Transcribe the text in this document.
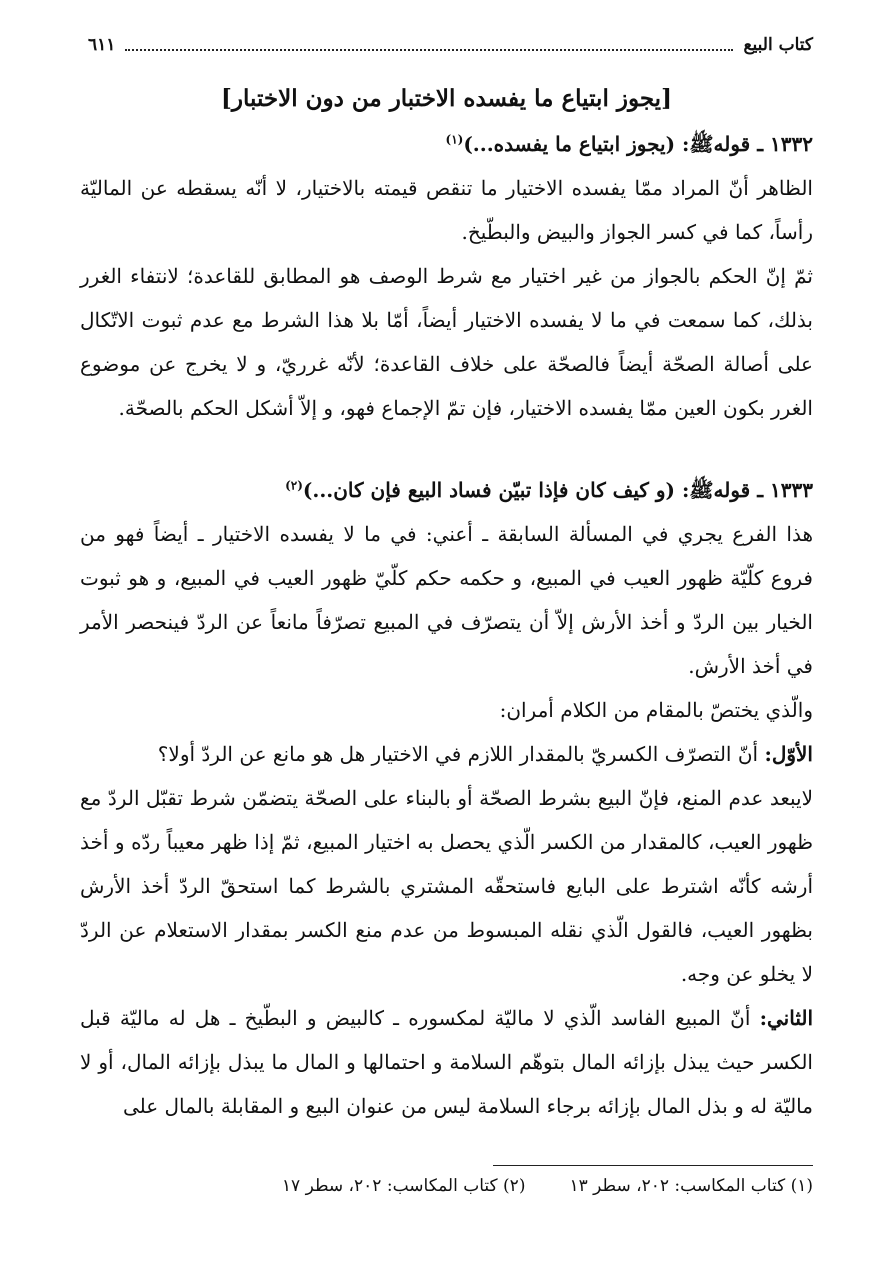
كتاب البيع
٦١١

[يجوز ابتياع ما يفسده الاختبار من دون الاختبار]

١٣٣٢ ـ قوله‌ﷺ: (يجوز ابتياع ما يفسده...)$^{(١)}$

الظاهر أنّ المراد ممّا يفسده الاختيار ما تنقص قيمته بالاختيار، لا أنّه يسقطه عن الماليّة رأساً، كما في كسر الجواز والبيض والبطّيخ.

ثمّ إنّ الحكم بالجواز من غير اختيار مع شرط الوصف هو المطابق للقاعدة؛ لانتفاء الغرر بذلك، كما سمعت في ما لا يفسده الاختيار أيضاً، أمّا بلا هذا الشرط مع عدم ثبوت الاتّكال على أصالة الصحّة أيضاً فالصحّة على خلاف القاعدة؛ لأنّه غرريّ، و لا يخرج عن موضوع الغرر بكون العين ممّا يفسده الاختيار، فإن تمّ الإجماع فهو، و إلاّ أشكل الحكم بالصحّة.

١٣٣٣ ـ قوله‌ﷺ: (و كيف كان فإذا تبيّن فساد البيع فإن كان...)$^{(٢)}$

هذا الفرع يجري في المسألة السابقة ـ أعني: في ما لا يفسده الاختيار ـ أيضاً فهو من فروع كلّيّة ظهور العيب في المبيع، و حكمه حكم كلّيّ ظهور العيب في المبيع، و هو ثبوت الخيار بين الردّ و أخذ الأرش إلاّ أن يتصرّف في المبيع تصرّفاً مانعاً عن الردّ فينحصر الأمر في أخذ الأرش.

والّذي يختصّ بالمقام من الكلام أمران:

الأوّل: أنّ التصرّف الكسريّ بالمقدار اللازم في الاختيار هل هو مانع عن الردّ أولا؟

لايبعد عدم المنع، فإنّ البيع بشرط الصحّة أو بالبناء على الصحّة يتضمّن شرط تقبّل الردّ مع ظهور العيب، كالمقدار من الكسر الّذي يحصل به اختيار المبيع، ثمّ إذا ظهر معيباً ردّه و أخذ أرشه كأنّه اشترط على البايع فاستحقّه المشتري بالشرط كما استحقّ الردّ أخذ الأرش بظهور العيب، فالقول الّذي نقله المبسوط من عدم منع الكسر بمقدار الاستعلام عن الردّ لا يخلو عن وجه.

الثاني: أنّ المبيع الفاسد الّذي لا ماليّة لمكسوره ـ كالبيض و البطّيخ ـ هل له ماليّة قبل الكسر حيث يبذل بإزائه المال بتوهّم السلامة و احتمالها و المال ما يبذل بإزائه المال، أو لا ماليّة له و بذل المال بإزائه برجاء السلامة ليس من عنوان البيع و المقابلة بالمال على

(١) كتاب المكاسب: ٢٠٢، سطر ١٣
(٢) كتاب المكاسب: ٢٠٢، سطر ١٧
